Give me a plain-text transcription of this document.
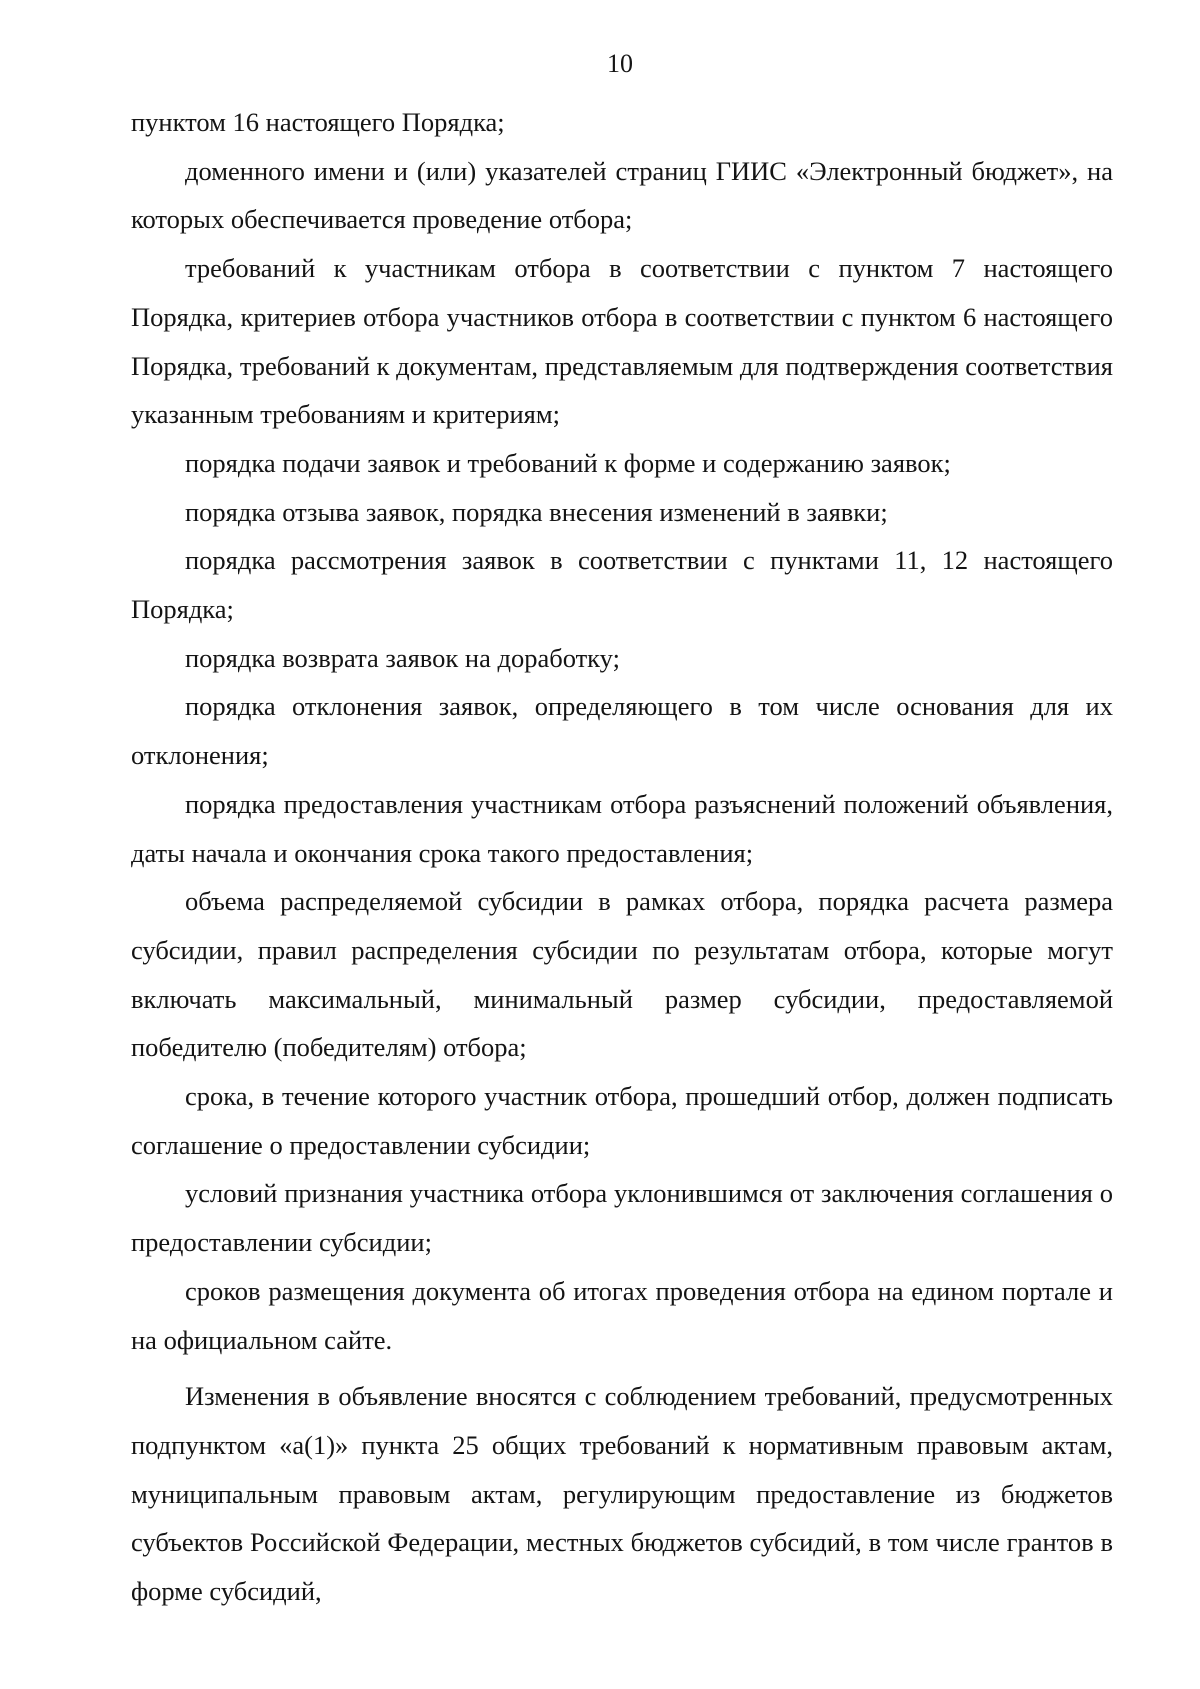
10

пунктом 16 настоящего Порядка;

доменного имени и (или) указателей страниц ГИИС «Электронный бюджет», на которых обеспечивается проведение отбора;

требований к участникам отбора в соответствии с пунктом 7 настоящего Порядка, критериев отбора участников отбора в соответствии с пунктом 6 настоящего Порядка, требований к документам, представляемым для подтверждения соответствия указанным требованиям и критериям;

порядка подачи заявок и требований к форме и содержанию заявок;

порядка отзыва заявок, порядка внесения изменений в заявки;

порядка рассмотрения заявок в соответствии с пунктами 11, 12 настоящего Порядка;

порядка возврата заявок на доработку;

порядка отклонения заявок, определяющего в том числе основания для их отклонения;

порядка предоставления участникам отбора разъяснений положений объявления, даты начала и окончания срока такого предоставления;

объема распределяемой субсидии в рамках отбора, порядка расчета размера субсидии, правил распределения субсидии по результатам отбора, которые могут включать максимальный, минимальный размер субсидии, предоставляемой победителю (победителям) отбора;

срока, в течение которого участник отбора, прошедший отбор, должен подписать соглашение о предоставлении субсидии;

условий признания участника отбора уклонившимся от заключения соглашения о предоставлении субсидии;

сроков размещения документа об итогах проведения отбора на едином портале и на официальном сайте.

Изменения в объявление вносятся с соблюдением требований, предусмотренных подпунктом «а(1)» пункта 25 общих требований к нормативным правовым актам, муниципальным правовым актам, регулирующим предоставление из бюджетов субъектов Российской Федерации, местных бюджетов субсидий, в том числе грантов в форме субсидий,
